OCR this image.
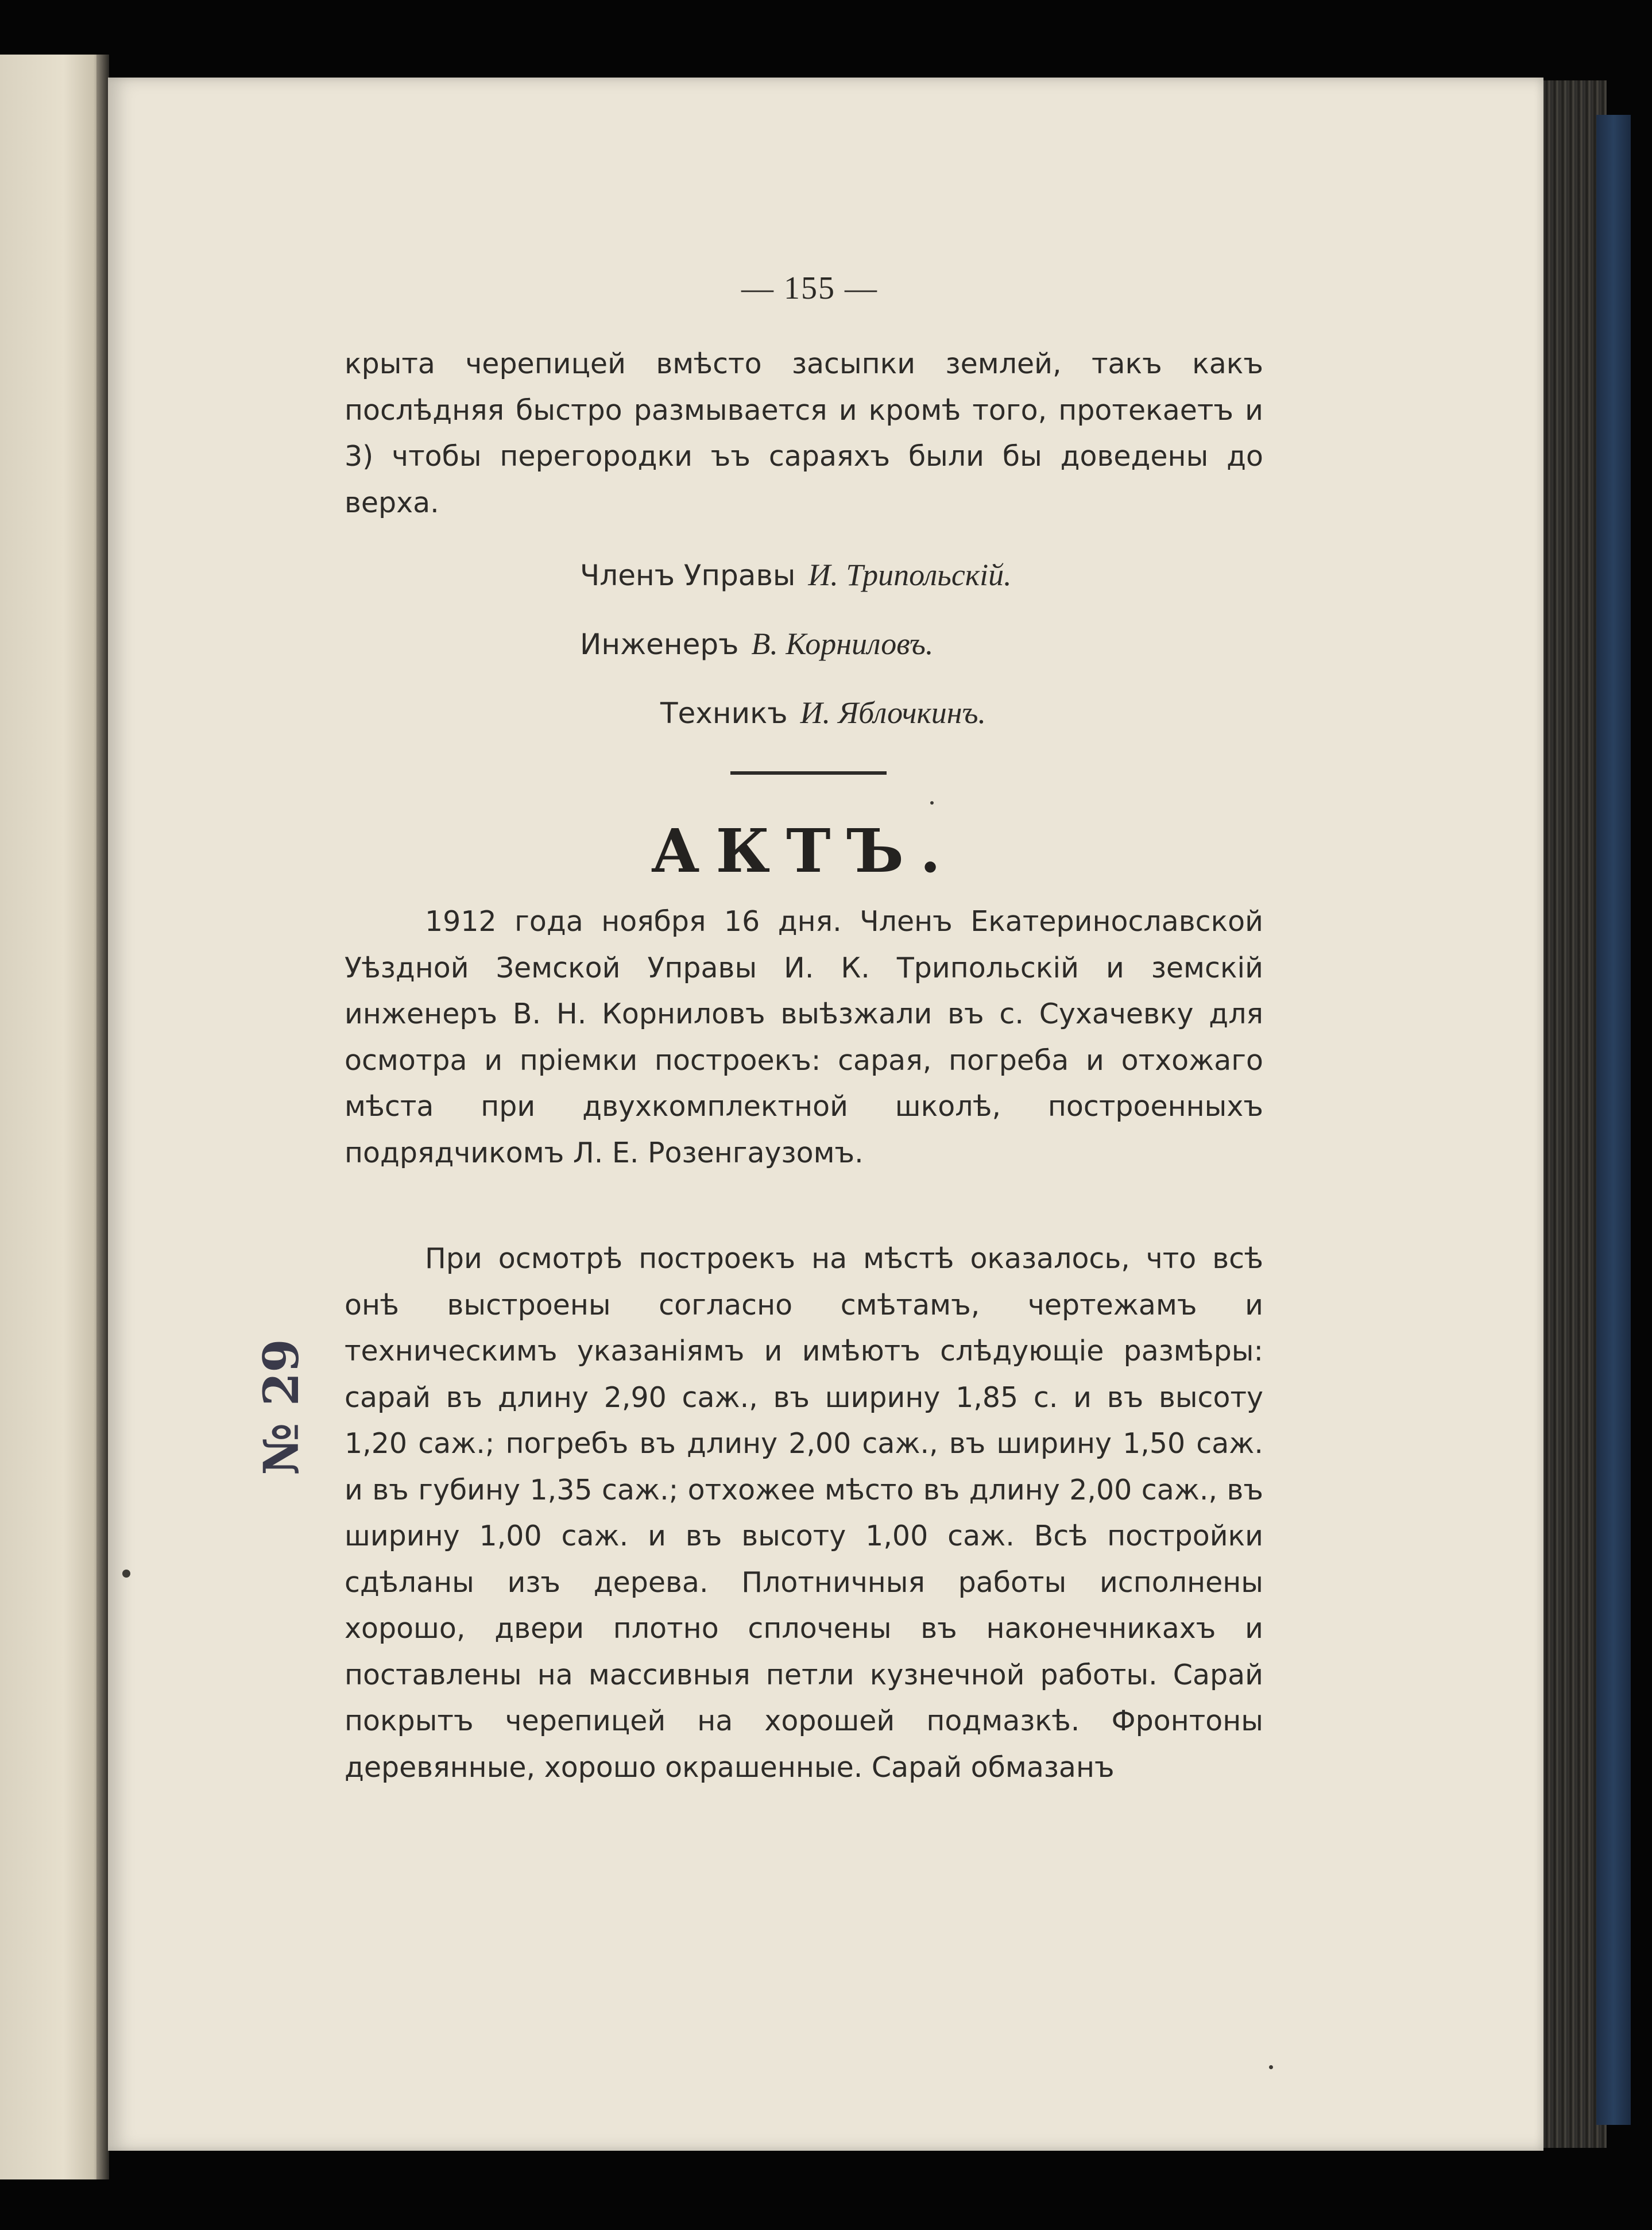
— 155 —

крыта черепицей вмѣсто засыпки землей, такъ какъ послѣдняя быстро размывается и кромѣ того, протекаетъ и 3) чтобы перегородки ъъ сараяхъ были бы доведены до верха.

Членъ Управы И. Трипольскій.
Инженеръ В. Корниловъ.
Техникъ И. Яблочкинъ.
АКТЪ.

1912 года ноября 16 дня. Членъ Екатеринославской Уѣздной Земской Управы И. К. Трипольскій и земскій инженеръ В. Н. Корниловъ выѣзжали въ с. Сухачевку для осмотра и пріемки построекъ: сарая, погреба и отхожаго мѣста при двухкомплектной школѣ, построенныхъ подрядчикомъ Л. Е. Розенгаузомъ.

При осмотрѣ построекъ на мѣстѣ оказалось, что всѣ онѣ выстроены согласно смѣтамъ, чертежамъ и техническимъ указаніямъ и имѣютъ слѣдующіе размѣры: сарай въ длину 2,90 саж., въ ширину 1,85 с. и въ высоту 1,20 саж.; погребъ въ длину 2,00 саж., въ ширину 1,50 саж. и въ губину 1,35 саж.; отхожее мѣсто въ длину 2,00 саж., въ ширину 1,00 саж. и въ высоту 1,00 саж. Всѣ постройки сдѣланы изъ дерева. Плотничныя работы исполнены хорошо, двери плотно сплочены въ наконечникахъ и поставлены на массивныя петли кузнечной работы. Сарай покрытъ черепицей на хорошей подмазкѣ. Фронтоны деревянные, хорошо окрашенные. Сарай обмазанъ

№ 29
